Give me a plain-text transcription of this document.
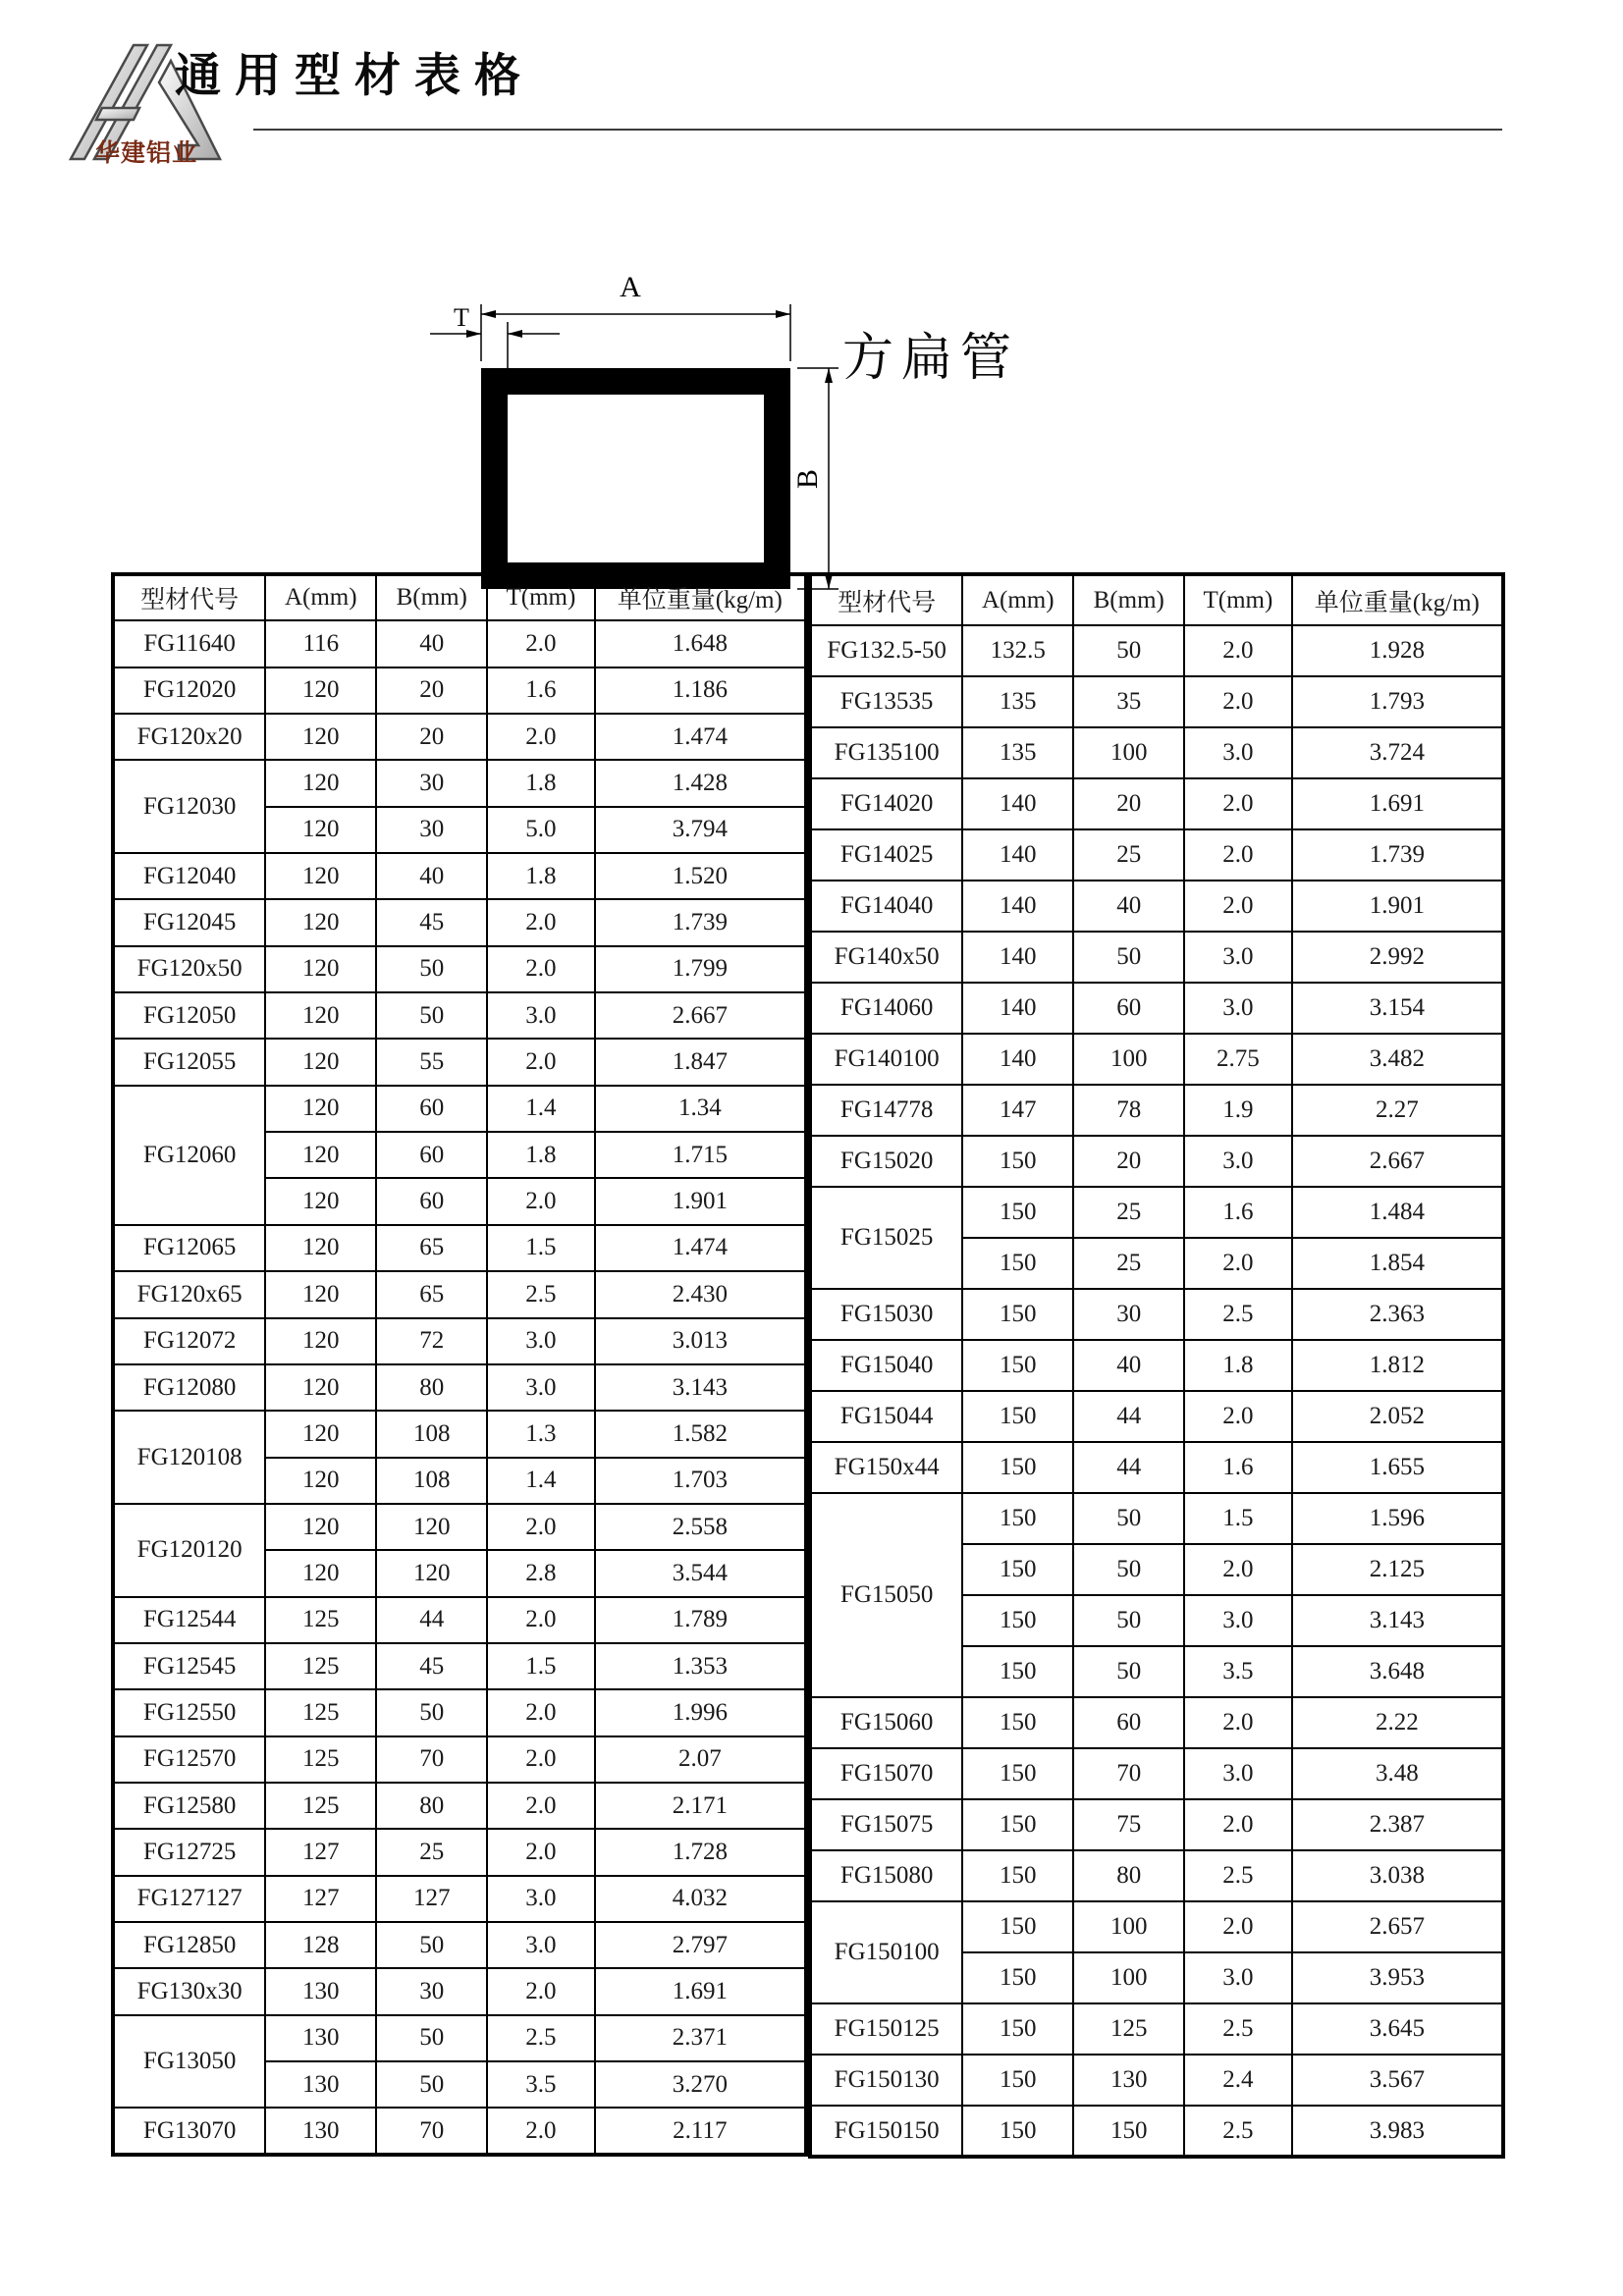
华建铝业
通用型材表格
A
T
B
方扁管
型材代号	A(mm)	B(mm)	T(mm)	单位重量(kg/m)
FG11640	116	40	2.0	1.648
FG12020	120	20	1.6	1.186
FG120x20	120	20	2.0	1.474
FG12030	120	30	1.8	1.428
	120	30	5.0	3.794
FG12040	120	40	1.8	1.520
FG12045	120	45	2.0	1.739
FG120x50	120	50	2.0	1.799
FG12050	120	50	3.0	2.667
FG12055	120	55	2.0	1.847
FG12060	120	60	1.4	1.34
	120	60	1.8	1.715
	120	60	2.0	1.901
FG12065	120	65	1.5	1.474
FG120x65	120	65	2.5	2.430
FG12072	120	72	3.0	3.013
FG12080	120	80	3.0	3.143
FG120108	120	108	1.3	1.582
	120	108	1.4	1.703
FG120120	120	120	2.0	2.558
	120	120	2.8	3.544
FG12544	125	44	2.0	1.789
FG12545	125	45	1.5	1.353
FG12550	125	50	2.0	1.996
FG12570	125	70	2.0	2.07
FG12580	125	80	2.0	2.171
FG12725	127	25	2.0	1.728
FG127127	127	127	3.0	4.032
FG12850	128	50	3.0	2.797
FG130x30	130	30	2.0	1.691
FG13050	130	50	2.5	2.371
	130	50	3.5	3.270
FG13070	130	70	2.0	2.117
型材代号	A(mm)	B(mm)	T(mm)	单位重量(kg/m)
FG132.5-50	132.5	50	2.0	1.928
FG13535	135	35	2.0	1.793
FG135100	135	100	3.0	3.724
FG14020	140	20	2.0	1.691
FG14025	140	25	2.0	1.739
FG14040	140	40	2.0	1.901
FG140x50	140	50	3.0	2.992
FG14060	140	60	3.0	3.154
FG140100	140	100	2.75	3.482
FG14778	147	78	1.9	2.27
FG15020	150	20	3.0	2.667
FG15025	150	25	1.6	1.484
	150	25	2.0	1.854
FG15030	150	30	2.5	2.363
FG15040	150	40	1.8	1.812
FG15044	150	44	2.0	2.052
FG150x44	150	44	1.6	1.655
FG15050	150	50	1.5	1.596
	150	50	2.0	2.125
	150	50	3.0	3.143
	150	50	3.5	3.648
FG15060	150	60	2.0	2.22
FG15070	150	70	3.0	3.48
FG15075	150	75	2.0	2.387
FG15080	150	80	2.5	3.038
FG150100	150	100	2.0	2.657
	150	100	3.0	3.953
FG150125	150	125	2.5	3.645
FG150130	150	130	2.4	3.567
FG150150	150	150	2.5	3.983
